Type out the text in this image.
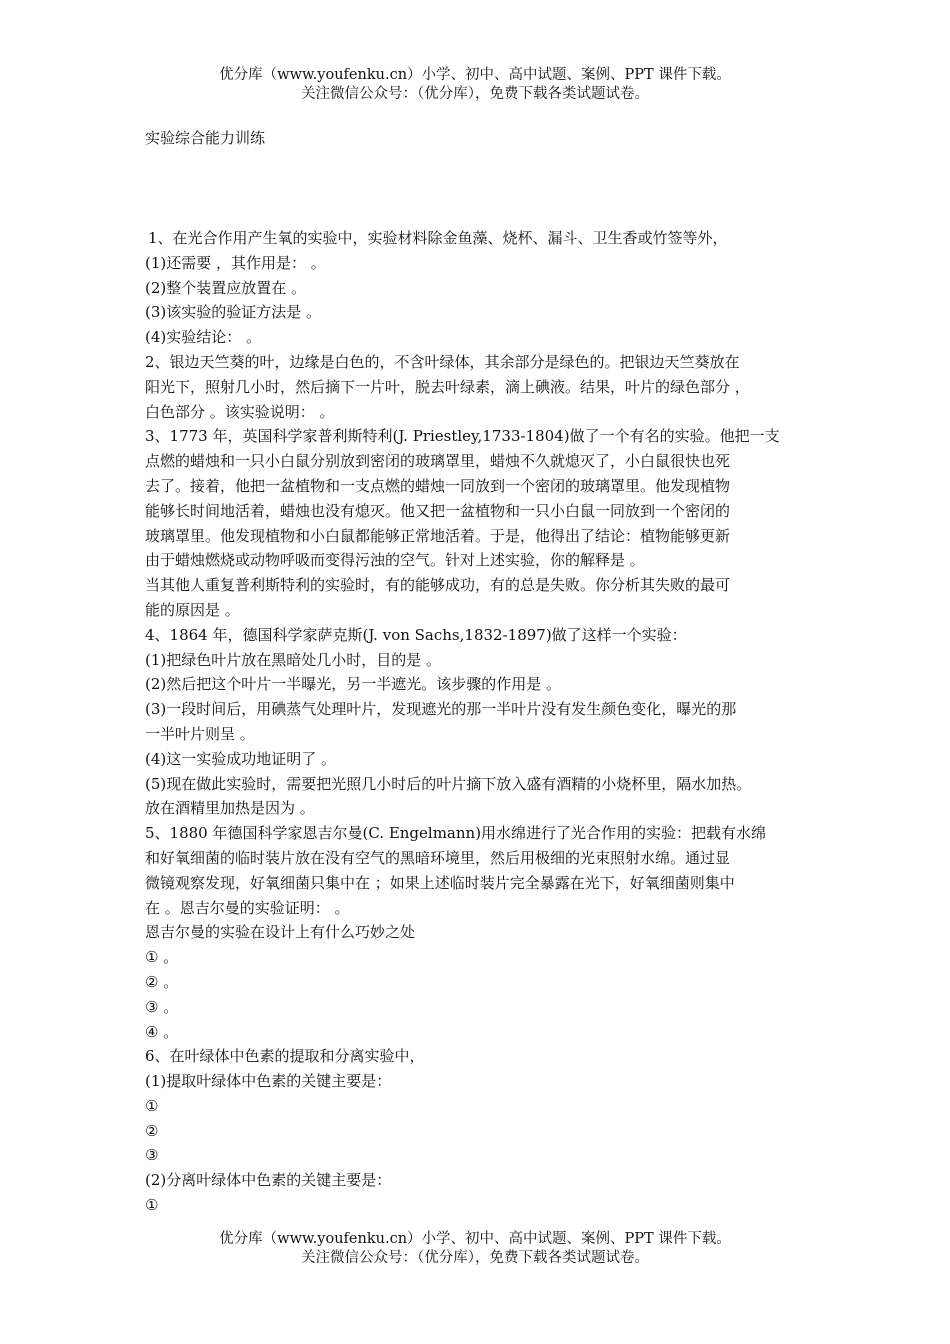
优分库（www.youfenku.cn）小学、初中、高中试题、案例、PPT 课件下载。
关注微信公众号：（优分库），免费下载各类试题试卷。
实验综合能力训练
1、在光合作用产生氧的实验中，实验材料除金鱼藻、烧杯、漏斗、卫生香或竹签等外，
(1)还需要 ，其作用是： 。
(2)整个装置应放置在 。
(3)该实验的验证方法是 。
(4)实验结论： 。
2、银边天竺葵的叶，边缘是白色的，不含叶绿体，其余部分是绿色的。把银边天竺葵放在
阳光下，照射几小时，然后摘下一片叶，脱去叶绿素，滴上碘液。结果，叶片的绿色部分 ，
白色部分 。该实验说明： 。
3、1773 年，英国科学家普利斯特利(J. Priestley,1733-1804)做了一个有名的实验。他把一支
点燃的蜡烛和一只小白鼠分别放到密闭的玻璃罩里，蜡烛不久就熄灭了，小白鼠很快也死
去了。接着，他把一盆植物和一支点燃的蜡烛一同放到一个密闭的玻璃罩里。他发现植物
能够长时间地活着，蜡烛也没有熄灭。他又把一盆植物和一只小白鼠一同放到一个密闭的
玻璃罩里。他发现植物和小白鼠都能够正常地活着。于是，他得出了结论：植物能够更新
由于蜡烛燃烧或动物呼吸而变得污浊的空气。针对上述实验，你的解释是 。
当其他人重复普利斯特利的实验时，有的能够成功，有的总是失败。你分析其失败的最可
能的原因是 。
4、1864 年，德国科学家萨克斯(J. von Sachs,1832-1897)做了这样一个实验：
(1)把绿色叶片放在黑暗处几小时，目的是 。
(2)然后把这个叶片一半曝光，另一半遮光。该步骤的作用是 。
(3)一段时间后，用碘蒸气处理叶片，发现遮光的那一半叶片没有发生颜色变化，曝光的那
一半叶片则呈 。
(4)这一实验成功地证明了 。
(5)现在做此实验时，需要把光照几小时后的叶片摘下放入盛有酒精的小烧杯里，隔水加热。
放在酒精里加热是因为 。
5、1880 年德国科学家恩吉尔曼(C. Engelmann)用水绵进行了光合作用的实验：把载有水绵
和好氧细菌的临时装片放在没有空气的黑暗环境里，然后用极细的光束照射水绵。通过显
微镜观察发现，好氧细菌只集中在 ；如果上述临时装片完全暴露在光下，好氧细菌则集中
在 。恩吉尔曼的实验证明： 。
恩吉尔曼的实验在设计上有什么巧妙之处
① 。
② 。
③ 。
④ 。
6、在叶绿体中色素的提取和分离实验中，
(1)提取叶绿体中色素的关键主要是：
①
②
③
(2)分离叶绿体中色素的关键主要是：
①
优分库（www.youfenku.cn）小学、初中、高中试题、案例、PPT 课件下载。
关注微信公众号：（优分库），免费下载各类试题试卷。
